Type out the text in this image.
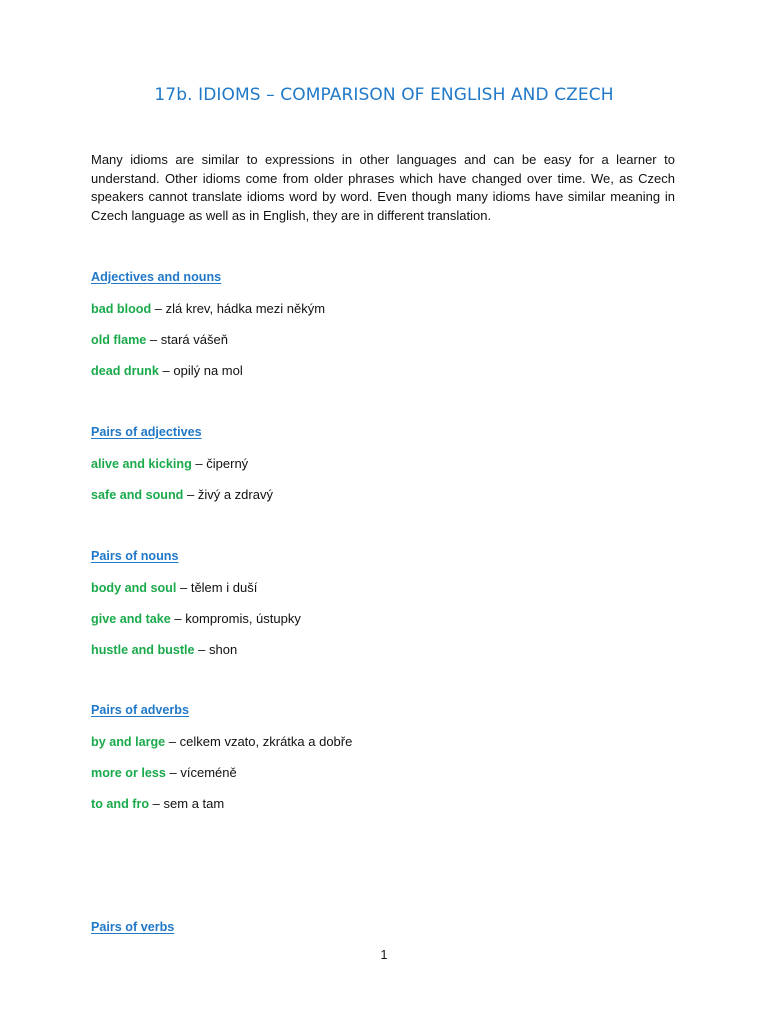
17b. IDIOMS – COMPARISON OF ENGLISH AND CZECH
Many idioms are similar to expressions in other languages and can be easy for a learner to understand. Other idioms come from older phrases which have changed over time. We, as Czech speakers cannot translate idioms word by word. Even though many idioms have similar meaning in Czech language as well as in English, they are in different translation.
Adjectives and nouns
bad blood – zlá krev, hádka mezi někým
old flame – stará vášeň
dead drunk – opilý na mol
Pairs of adjectives
alive and kicking – čiperný
safe and sound – živý a zdravý
Pairs of nouns
body and soul – tělem i duší
give and take – kompromis, ústupky
hustle and bustle – shon
Pairs of adverbs
by and large – celkem vzato, zkrátka a dobře
more or less – víceméně
to and fro – sem a tam
Pairs of verbs
1
